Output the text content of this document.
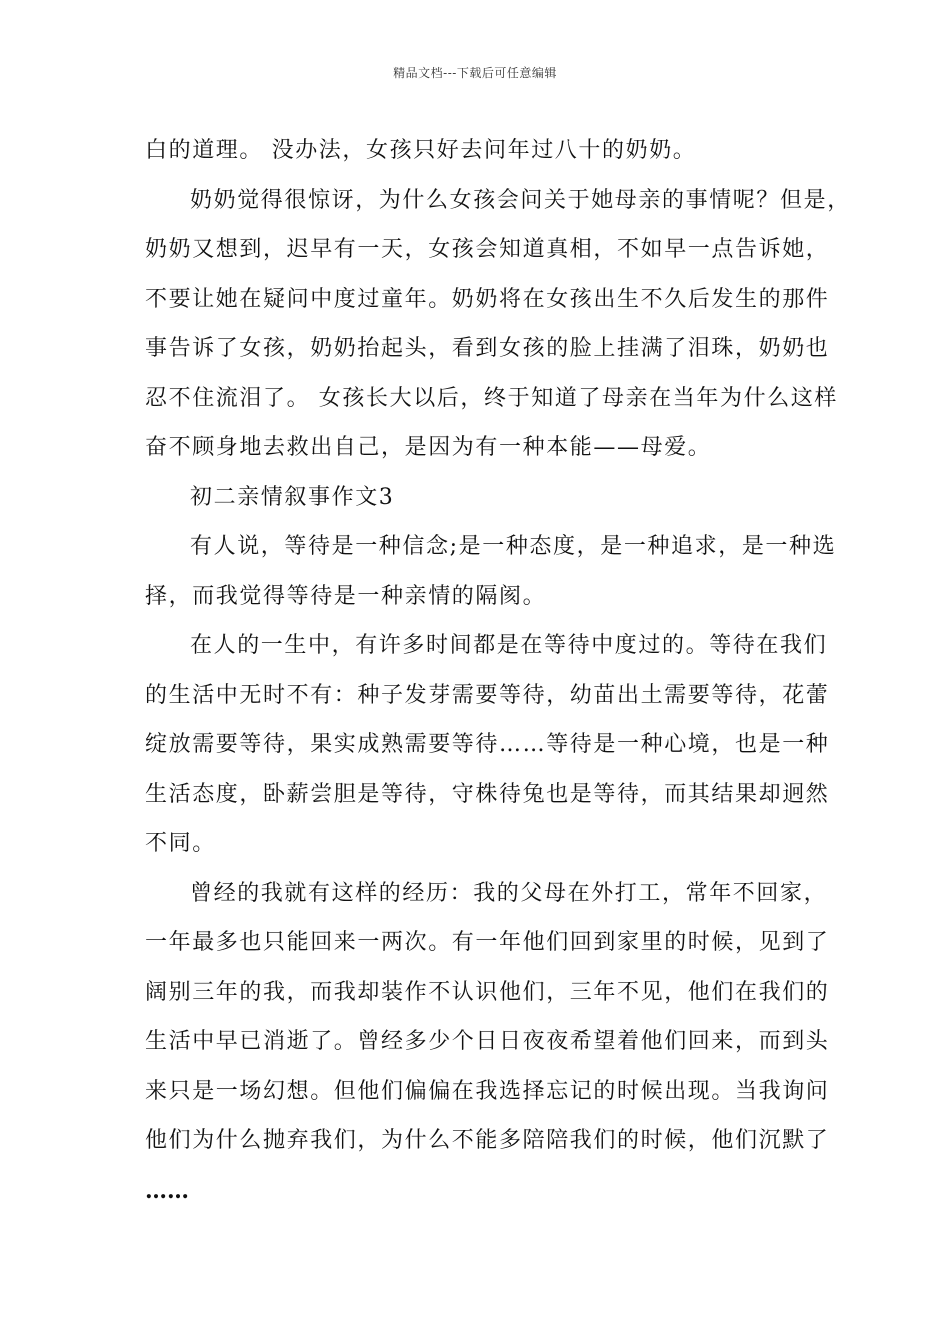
精品文档---下载后可任意编辑
白的道理。 没办法，女孩只好去问年过八十的奶奶。
奶奶觉得很惊讶，为什么女孩会问关于她母亲的事情呢？但是，
奶奶又想到，迟早有一天，女孩会知道真相，不如早一点告诉她，
不要让她在疑问中度过童年。奶奶将在女孩出生不久后发生的那件
事告诉了女孩，奶奶抬起头，看到女孩的脸上挂满了泪珠，奶奶也
忍不住流泪了。 女孩长大以后，终于知道了母亲在当年为什么这样
奋不顾身地去救出自己，是因为有一种本能——母爱。
初二亲情叙事作文3
有人说，等待是一种信念;是一种态度，是一种追求，是一种选
择，而我觉得等待是一种亲情的隔阂。
在人的一生中，有许多时间都是在等待中度过的。等待在我们
的生活中无时不有：种子发芽需要等待，幼苗出土需要等待，花蕾
绽放需要等待，果实成熟需要等待……等待是一种心境，也是一种
生活态度，卧薪尝胆是等待，守株待兔也是等待，而其结果却迥然
不同。
曾经的我就有这样的经历：我的父母在外打工，常年不回家，
一年最多也只能回来一两次。有一年他们回到家里的时候，见到了
阔别三年的我，而我却装作不认识他们，三年不见，他们在我们的
生活中早已消逝了。曾经多少个日日夜夜希望着他们回来，而到头
来只是一场幻想。但他们偏偏在我选择忘记的时候出现。当我询问
他们为什么抛弃我们，为什么不能多陪陪我们的时候，他们沉默了
……
